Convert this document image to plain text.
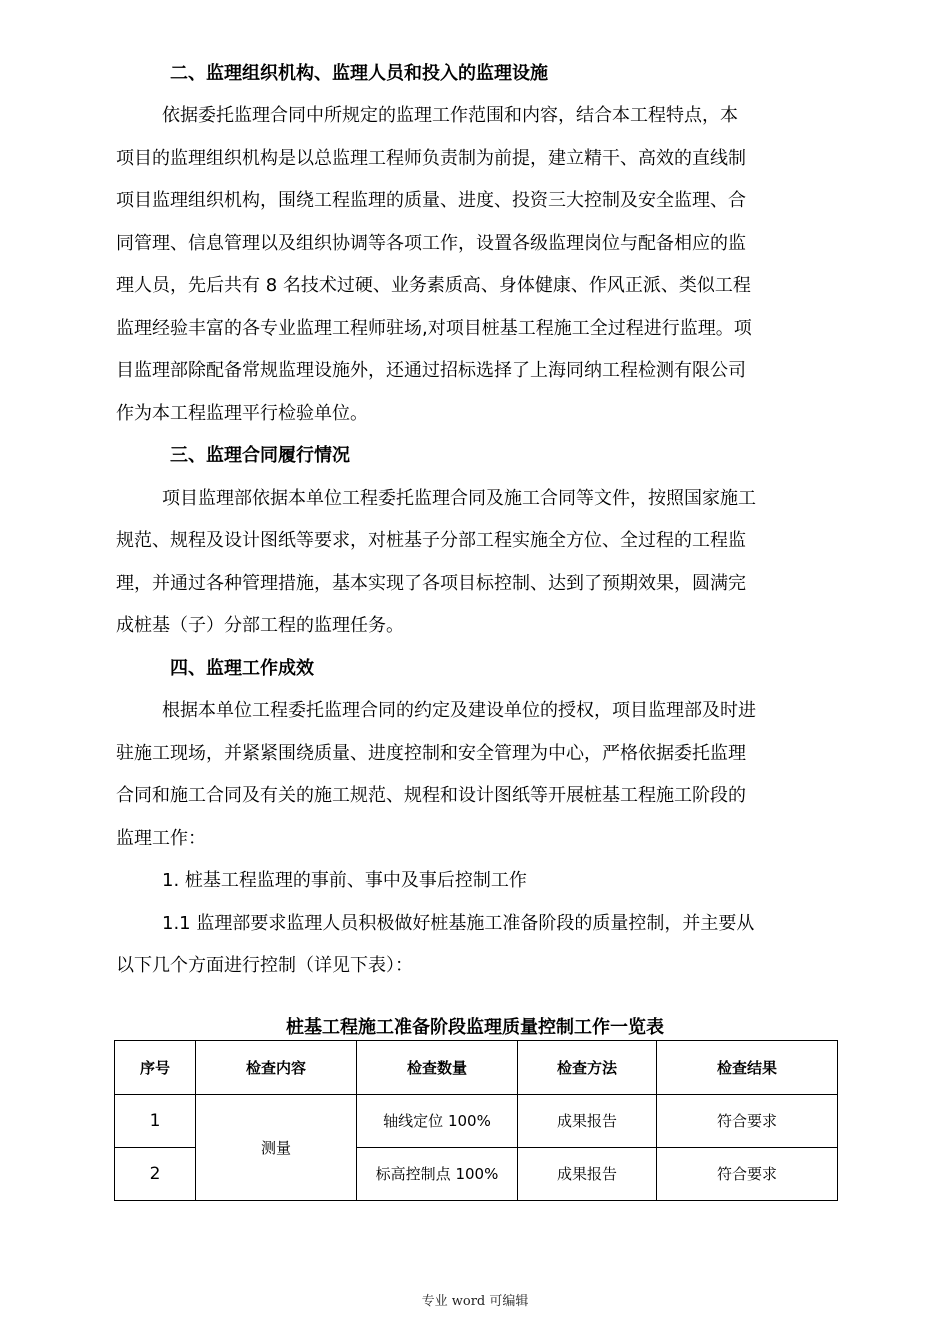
二、监理组织机构、监理人员和投入的监理设施
依据委托监理合同中所规定的监理工作范围和内容，结合本工程特点，本
项目的监理组织机构是以总监理工程师负责制为前提，建立精干、高效的直线制
项目监理组织机构，围绕工程监理的质量、进度、投资三大控制及安全监理、合
同管理、信息管理以及组织协调等各项工作，设置各级监理岗位与配备相应的监
理人员，先后共有 8 名技术过硬、业务素质高、身体健康、作风正派、类似工程
监理经验丰富的各专业监理工程师驻场,对项目桩基工程施工全过程进行监理。项
目监理部除配备常规监理设施外，还通过招标选择了上海同纳工程检测有限公司
作为本工程监理平行检验单位。
三、监理合同履行情况
项目监理部依据本单位工程委托监理合同及施工合同等文件，按照国家施工
规范、规程及设计图纸等要求，对桩基子分部工程实施全方位、全过程的工程监
理，并通过各种管理措施，基本实现了各项目标控制、达到了预期效果，圆满完
成桩基（子）分部工程的监理任务。
四、监理工作成效
根据本单位工程委托监理合同的约定及建设单位的授权，项目监理部及时进
驻施工现场，并紧紧围绕质量、进度控制和安全管理为中心，严格依据委托监理
合同和施工合同及有关的施工规范、规程和设计图纸等开展桩基工程施工阶段的
监理工作：
1. 桩基工程监理的事前、事中及事后控制工作
1.1 监理部要求监理人员积极做好桩基施工准备阶段的质量控制，并主要从
以下几个方面进行控制（详见下表）：
桩基工程施工准备阶段监理质量控制工作一览表
序号	检查内容	检查数量	检查方法	检查结果
1	测量	轴线定位 100%	成果报告	符合要求
2		标高控制点 100%	成果报告	符合要求
专业 word 可编辑
